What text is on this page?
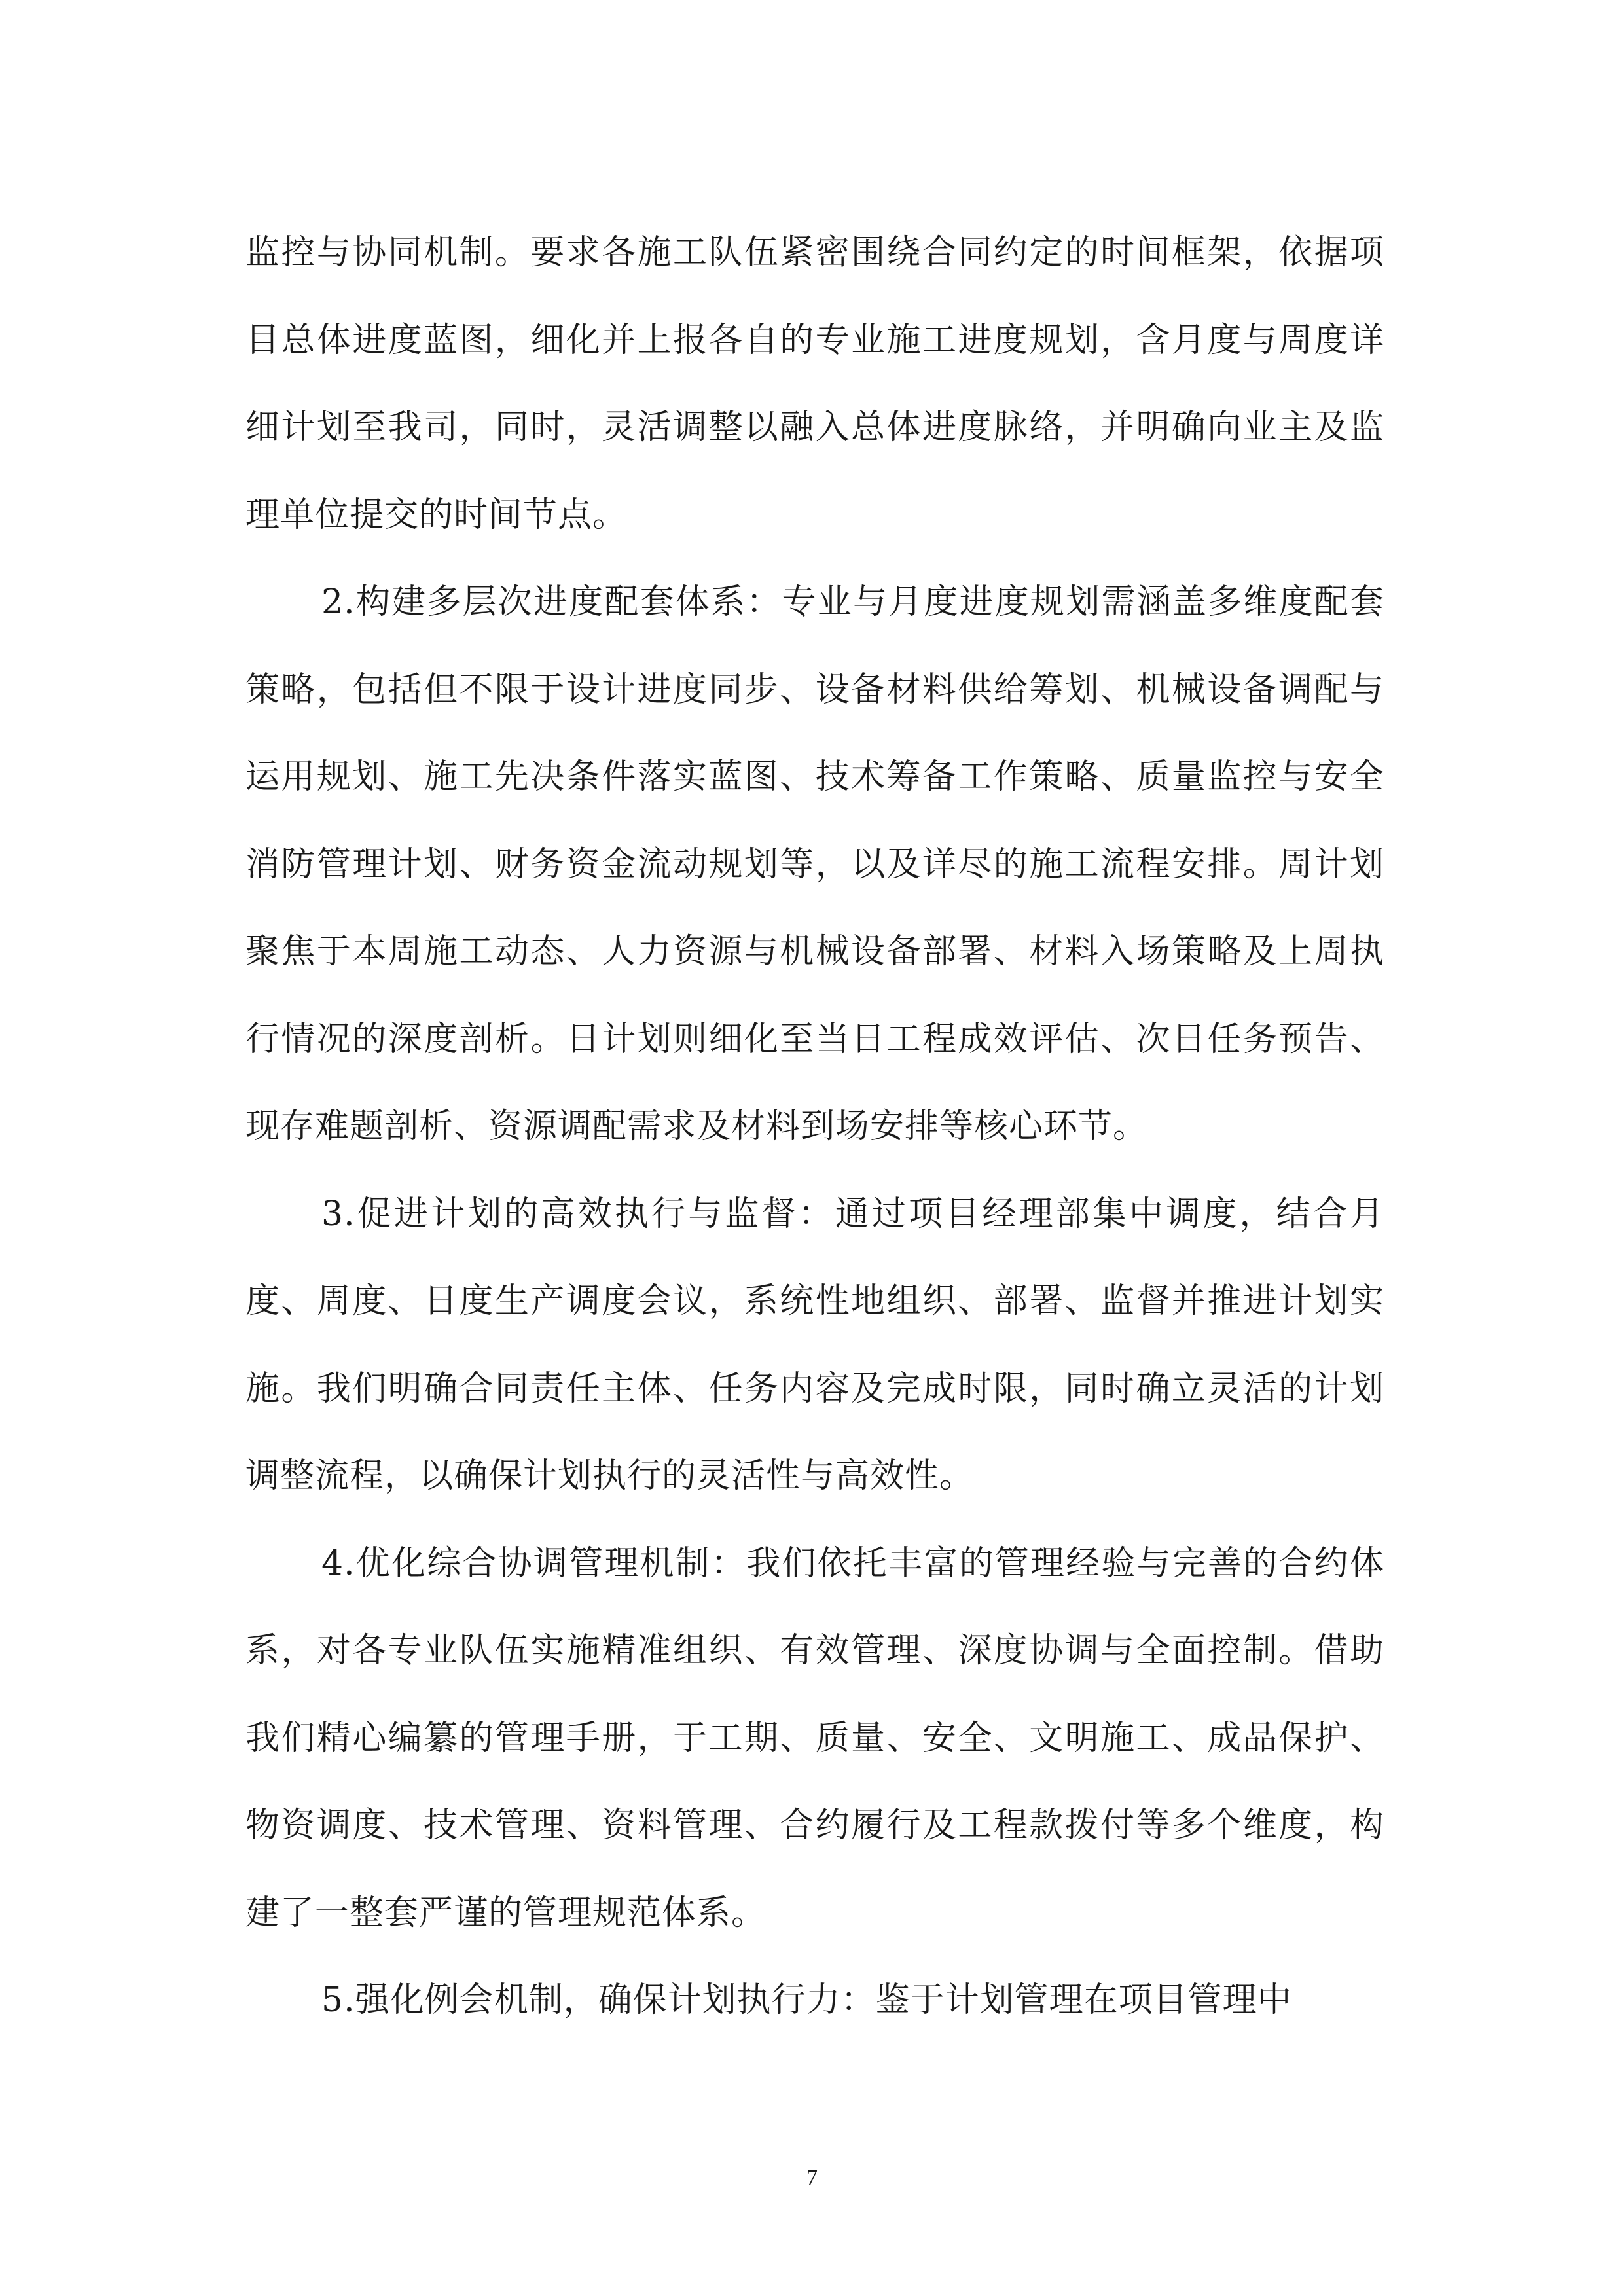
监控与协同机制。要求各施工队伍紧密围绕合同约定的时间框架，依据项目总体进度蓝图，细化并上报各自的专业施工进度规划，含月度与周度详细计划至我司，同时，灵活调整以融入总体进度脉络，并明确向业主及监理单位提交的时间节点。

2.构建多层次进度配套体系：专业与月度进度规划需涵盖多维度配套策略，包括但不限于设计进度同步、设备材料供给筹划、机械设备调配与运用规划、施工先决条件落实蓝图、技术筹备工作策略、质量监控与安全消防管理计划、财务资金流动规划等，以及详尽的施工流程安排。周计划聚焦于本周施工动态、人力资源与机械设备部署、材料入场策略及上周执行情况的深度剖析。日计划则细化至当日工程成效评估、次日任务预告、现存难题剖析、资源调配需求及材料到场安排等核心环节。

3.促进计划的高效执行与监督：通过项目经理部集中调度，结合月度、周度、日度生产调度会议，系统性地组织、部署、监督并推进计划实施。我们明确合同责任主体、任务内容及完成时限，同时确立灵活的计划调整流程，以确保计划执行的灵活性与高效性。

4.优化综合协调管理机制：我们依托丰富的管理经验与完善的合约体系，对各专业队伍实施精准组织、有效管理、深度协调与全面控制。借助我们精心编纂的管理手册，于工期、质量、安全、文明施工、成品保护、物资调度、技术管理、资料管理、合约履行及工程款拨付等多个维度，构建了一整套严谨的管理规范体系。

5.强化例会机制，确保计划执行力：鉴于计划管理在项目管理中

7
